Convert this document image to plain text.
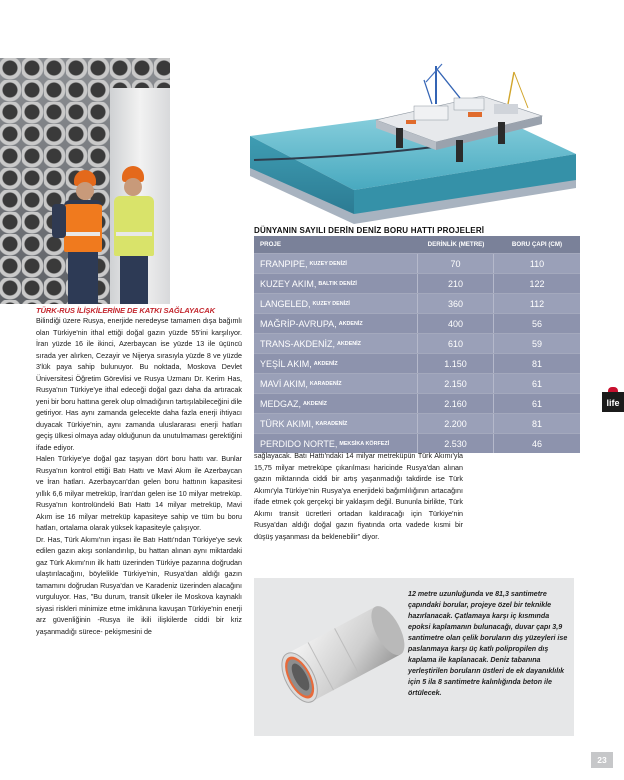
DÜNYANIN SAYILI DERİN DENİZ BORU HATTI PROJELERİ
PROJE	DERİNLİK (METRE)	BORU ÇAPI (CM)
FRANPIPE, KUZEY DENİZİ	70	110
KUZEY AKIM, BALTIK DENİZİ	210	122
LANGELED, KUZEY DENİZİ	360	112
MAĞRİP-AVRUPA, AKDENİZ	400	56
TRANS-AKDENİZ, AKDENİZ	610	59
YEŞİL AKIM, AKDENİZ	1.150	81
MAVİ AKIM, KARADENİZ	2.150	61
MEDGAZ, AKDENİZ	2.160	61
TÜRK AKIMI, KARADENİZ	2.200	81
PERDIDO NORTE, MEKSİKA KÖRFEZİ	2.530	46
life
TÜRK-RUS İLİŞKİLERİNE DE KATKI SAĞLAYACAK

Bilindiği üzere Rusya, enerjide neredeyse tamamen dışa bağımlı olan Türkiye'nin ithal ettiği doğal gazın yüzde 55'ini karşılıyor. İran yüzde 16 ile ikinci, Azerbaycan ise yüzde 13 ile üçüncü sırada yer alırken, Cezayir ve Nijerya sırasıyla yüzde 8 ve yüzde 3'lük paya sahip bulunuyor. Bu noktada, Moskova Devlet Üniversitesi Öğretim Görevlisi ve Rusya Uzmanı Dr. Kerim Has, Rusya'nın Türkiye'ye ithal edeceği doğal gazı daha da artıracak yeni bir boru hattına gerek olup olmadığının tartışılabileceğini dile getiriyor. Has aynı zamanda gelecekte daha fazla enerji ihtiyacı duyacak Türkiye'nin, aynı zamanda uluslararası enerji hatları geçiş ülkesi olmaya aday olduğunun da unutulmaması gerektiğini ifade ediyor.

Halen Türkiye'ye doğal gaz taşıyan dört boru hattı var. Bunlar Rusya'nın kontrol ettiği Batı Hattı ve Mavi Akım ile Azerbaycan ve İran hatları. Azerbaycan'dan gelen boru hattının kapasitesi yıllık 6,6 milyar metreküp, İran'dan gelen ise 10 milyar metreküp. Rusya'nın kontrolündeki Batı Hattı 14 milyar metreküp, Mavi Akım ise 16 milyar metreküp kapasiteye sahip ve tüm bu boru hatları, ortalama olarak yüksek kapasiteyle çalışıyor.

Dr. Has, Türk Akımı'nın inşası ile Batı Hattı'ndan Türkiye'ye sevk edilen gazın akışı sonlandırılıp, bu hattan alınan aynı miktardaki gaz Türk Akımı'nın ilk hattı üzerinden Türkiye pazarına doğrudan ulaştırılacağını, böylelikle Türkiye'nin, Rusya'dan aldığı gazın tamamını doğrudan Rusya'dan ve Karadeniz üzerinden alacağını vurguluyor. Has, "Bu durum, transit ülkeler ile Moskova kaynaklı siyasi riskleri minimize etme imkânına kavuşan Türkiye'nin enerji arz güvenliğinin -Rusya ile ikili ilişkilerde ciddi bir kriz yaşanmadığı sürece- pekişmesini de

sağlayacak. Batı Hattı'ndaki 14 milyar metreküpün Türk Akımı'yla 15,75 milyar metreküpe çıkarılması haricinde Rusya'dan alınan gazın miktarında ciddi bir artış yaşanmadığı takdirde ise Türk Akımı'yla Türkiye'nin Rusya'ya enerjideki bağımlılığının artacağını ifade etmek çok gerçekçi bir yaklaşım değil. Bununla birlikte, Türk Akımı transit ücretleri ortadan kaldıracağı için Türkiye'nin Rusya'dan aldığı doğal gazın fiyatında orta vadede kısmi bir düşüş yaşanması da beklenebilir" diyor.

12 metre uzunluğunda ve 81,3 santimetre çapındaki borular, projeye özel bir teknikle hazırlanacak. Çatlamaya karşı iç kısmında epoksi kaplamanın bulunacağı, duvar çapı 3,9 santimetre olan çelik boruların dış yüzeyleri ise paslanmaya karşı üç katlı polipropilen dış kaplama ile kaplanacak. Deniz tabanına yerleştirilen boruların üstleri de ek dayanıklılık için 5 ila 8 santimetre kalınlığında beton ile örtülecek.
23
